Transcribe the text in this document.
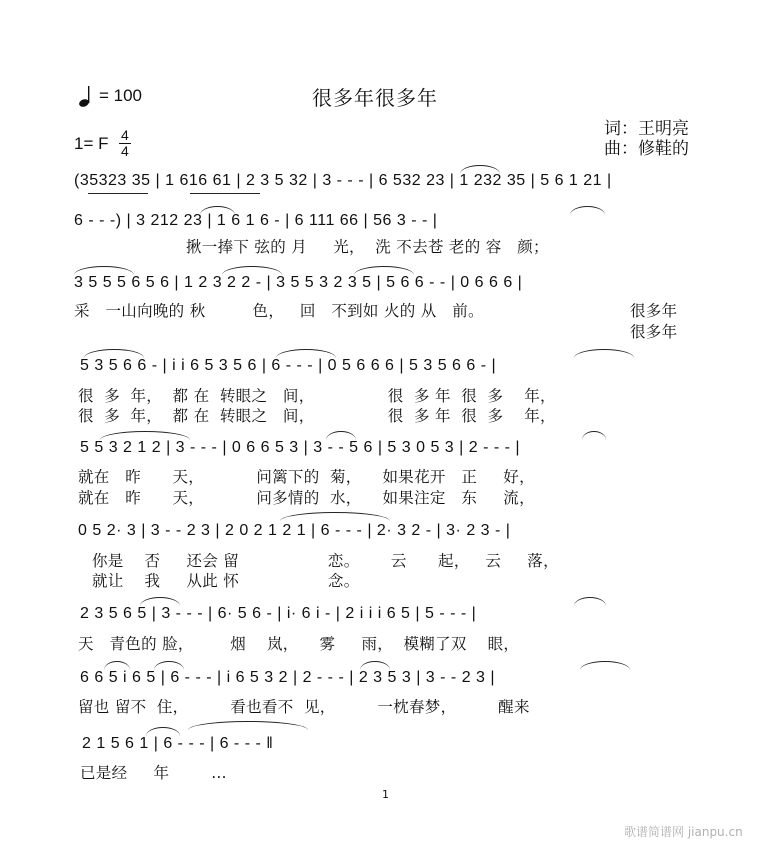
= 100	很多年很多年
词：王明亮
曲：修鞋的
1= F 4
4
(35323 35 | 1 616 61 | 2 3 5 32 | 3 - - - | 6 532 23 | 1 232 35 | 5 6 1 21 |
6 - - -) | 3 212 23 | 1 6 1 6 - | 6 111 66 | 56 3 - - |
揪一捧下 弦的 月     光，  洗 不去苍 老的 容   颜；
3 5 5 5 6 5 6 | 1 2 3 2 2 - | 3 5 5 3 2 3 5 | 5 6 6 - - | 0 6 6 6 |
采   一山向晚的 秋         色，   回   不到如 火的 从   前。	很多年
很多年
5 3 5 6 6 - | i i 6 5 3 5 6 | 6 - - - | 0 5 6 6 6 | 5 3 5 6 6 - |
很  多  年，  都 在  转眼之   间，              很  多 年  很  多    年，
很  多  年，  都 在  转眼之   间，              很  多 年  很  多    年，
5 5 3 2 1 2 | 3 - - - | 0 6 6 5 3 | 3 - - 5 6 | 5 3 0 5 3 | 2 - - - |
就在   昨      天，          问篱下的  菊，    如果花开   正     好，
就在   昨      天，          问多情的  水，    如果注定   东     流，
0 5 2· 3 | 3 - - 2 3 | 2 0 2 1 2 1 | 6 - - - | 2· 3 2 - | 3· 2 3 - |
你是    否     还会 留                 恋。      云      起，   云     落，
就让    我     从此 怀                 念。
2 3 5 6 5 | 3 - - - | 6· 5 6 - | i· 6 i - | 2 i i i 6 5 | 5 - - - |
天   青色的 脸，       烟    岚，    雾     雨，  模糊了双    眼，
6 6 5 i 6 5 | 6 - - - | i 6 5 3 2 | 2 - - - | 2 3 5 3 | 3 - - 2 3 |
留也 留不  住，        看也看不  见，        一枕春梦，        醒来
2 1 5 6 1 | 6 - - - | 6 - - - ‖
已是经     年        …
1
歌谱简谱网 jianpu.cn
